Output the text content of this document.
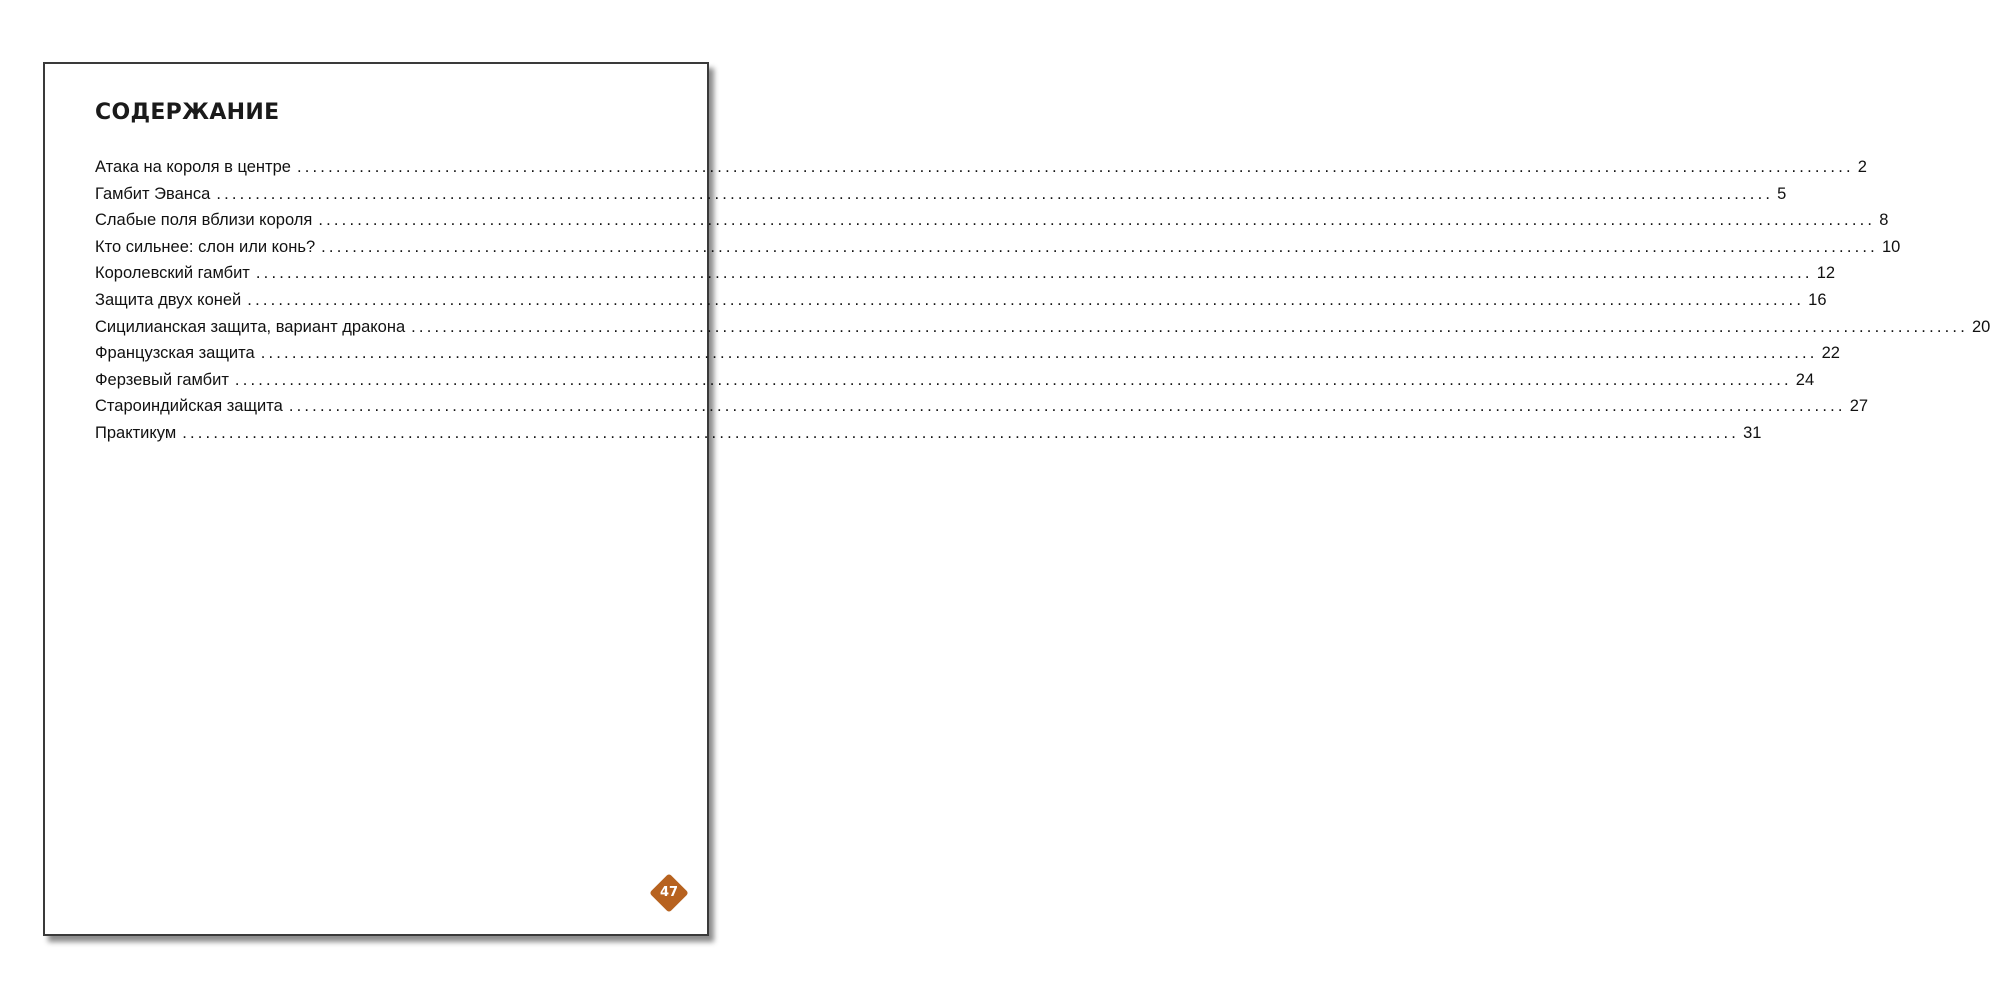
СОДЕРЖАНИЕ
Атака на короля в центре ........................................................................................................................................................................................................ 2
Гамбит Эванса ........................................................................................................................................................................................................ 5
Слабые поля вблизи короля ........................................................................................................................................................................................................ 8
Кто сильнее: слон или конь? ........................................................................................................................................................................................................ 10
Королевский гамбит ........................................................................................................................................................................................................ 12
Защита двух коней ........................................................................................................................................................................................................ 16
Сицилианская защита, вариант дракона ........................................................................................................................................................................................................ 20
Французская защита ........................................................................................................................................................................................................ 22
Ферзевый гамбит ........................................................................................................................................................................................................ 24
Староиндийская защита ........................................................................................................................................................................................................ 27
Практикум ........................................................................................................................................................................................................ 31
47
